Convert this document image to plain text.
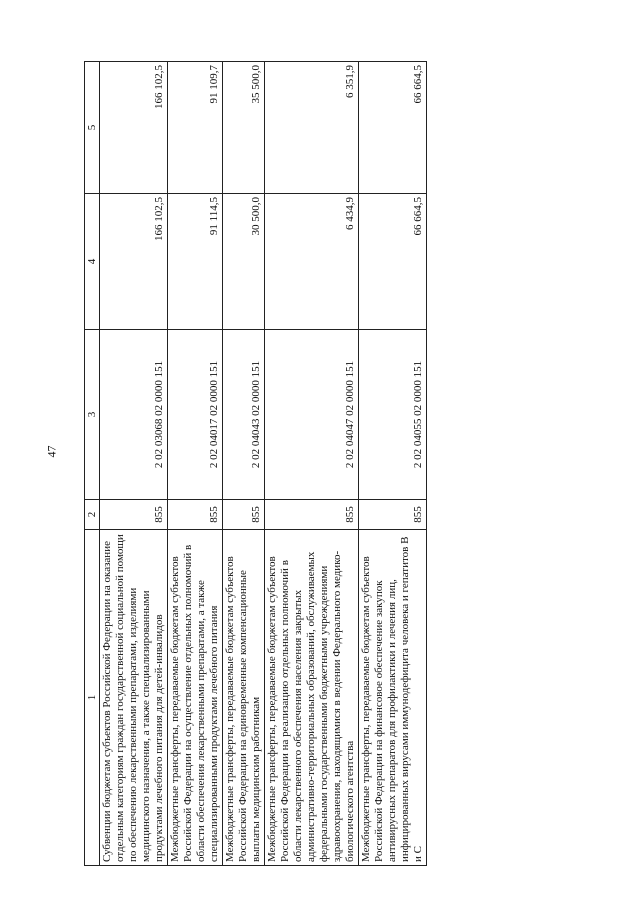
47
1	2	3	4	5
Субвенции бюджетам субъектов Российской Федерации на оказание отдельным категориям граждан государственной социальной помощи по обеспечению лекарственными препаратами, изделиями медицинского назначения, а также специализированными продуктами лечебного питания для детей-инвалидов	855	2 02 03068 02 0000 151	166 102,5	166 102,5
Межбюджетные трансферты, передаваемые бюджетам субъектов Российской Федерации на осуществление отдельных полномочий в области обеспечения лекарственными препаратами, а также специализированными продуктами лечебного питания	855	2 02 04017 02 0000 151	91 114,5	91 109,7
Межбюджетные трансферты, передаваемые бюджетам субъектов Российской Федерации на единовременные компенсационные выплаты медицинским работникам	855	2 02 04043 02 0000 151	30 500,0	35 500,0
Межбюджетные трансферты, передаваемые бюджетам субъектов Российской Федерации на реализацию отдельных полномочий в области лекарственного обеспечения населения закрытых административно-территориальных образований, обслуживаемых федеральными государственными бюджетными учреждениями здравоохранения, находящимися в ведении Федерального медико-биологического агентства	855	2 02 04047 02 0000 151	6 434,9	6 351,9
Межбюджетные трансферты, передаваемые бюджетам субъектов Российской Федерации на финансовое обеспечение закупок антивирусных препаратов для профилактики и лечения лиц, инфицированных вирусами иммунодефицита человека и гепатитов В и С	855	2 02 04055 02 0000 151	66 664,5	66 664,5
